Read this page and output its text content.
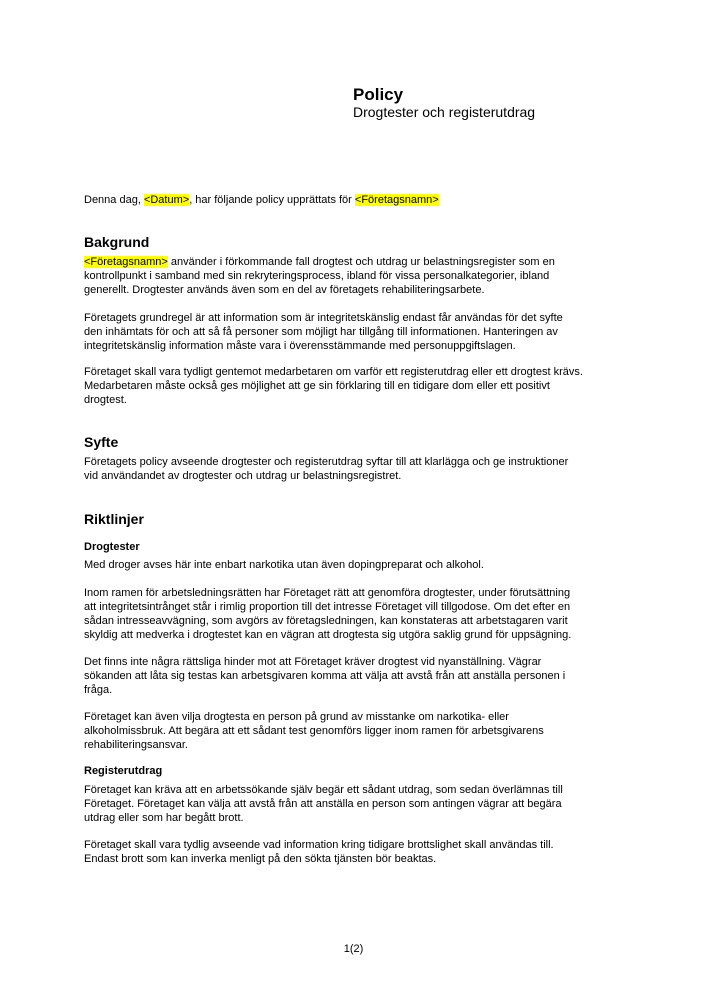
Policy
Drogtester och registerutdrag
Denna dag, <Datum>, har följande policy upprättats för <Företagsnamn>
Bakgrund
<Företagsnamn> använder i förkommande fall drogtest och utdrag ur belastningsregister som en
kontrollpunkt i samband med sin rekryteringsprocess, ibland för vissa personalkategorier, ibland
generellt. Drogtester används även som en del av företagets rehabiliteringsarbete.
Företagets grundregel är att information som är integritetskänslig endast får användas för det syfte
den inhämtats för och att så få personer som möjligt har tillgång till informationen. Hanteringen av
integritetskänslig information måste vara i överensstämmande med personuppgiftslagen.
Företaget skall vara tydligt gentemot medarbetaren om varför ett registerutdrag eller ett drogtest krävs.
Medarbetaren måste också ges möjlighet att ge sin förklaring till en tidigare dom eller ett positivt
drogtest.
Syfte
Företagets policy avseende drogtester och registerutdrag syftar till att klarlägga och ge instruktioner
vid användandet av drogtester och utdrag ur belastningsregistret.
Riktlinjer
Drogtester
Med droger avses här inte enbart narkotika utan även dopingpreparat och alkohol.
Inom ramen för arbetsledningsrätten har Företaget rätt att genomföra drogtester, under förutsättning
att integritetsintrånget står i rimlig proportion till det intresse Företaget vill tillgodose. Om det efter en
sådan intresseavvägning, som avgörs av företagsledningen, kan konstateras att arbetstagaren varit
skyldig att medverka i drogtestet kan en vägran att drogtesta sig utgöra saklig grund för uppsägning.
Det finns inte några rättsliga hinder mot att Företaget kräver drogtest vid nyanställning. Vägrar
sökanden att låta sig testas kan arbetsgivaren komma att välja att avstå från att anställa personen i
fråga.
Företaget kan även vilja drogtesta en person på grund av misstanke om narkotika- eller
alkoholmissbruk. Att begära att ett sådant test genomförs ligger inom ramen för arbetsgivarens
rehabiliteringsansvar.
Registerutdrag
Företaget kan kräva att en arbetssökande själv begär ett sådant utdrag, som sedan överlämnas till
Företaget. Företaget kan välja att avstå från att anställa en person som antingen vägrar att begära
utdrag eller som har begått brott.
Företaget skall vara tydlig avseende vad information kring tidigare brottslighet skall användas till.
Endast brott som kan inverka menligt på den sökta tjänsten bör beaktas.
1(2)
